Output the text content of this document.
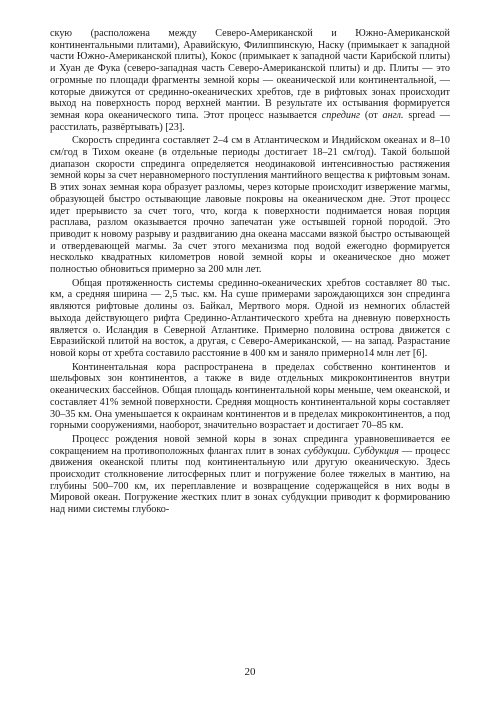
скую (расположена между Северо-Американской и Южно-Американской континентальными плитами), Аравийскую, Филиппинскую, Наску (примыкает к западной части Южно-Американской плиты), Кокос (примыкает к западной части Карибской плиты) и Хуан де Фука (северо-западная часть Северо-Американской плиты) и др. Плиты — это огромные по площади фрагменты земной коры — океанической или континентальной, — которые движутся от срединно-океанических хребтов, где в рифтовых зонах происходит выход на поверхность пород верхней мантии. В результате их остывания формируется земная кора океанического типа. Этот процесс называется спрединг (от англ. spread — расстилать, развёртывать) [23].

Скорость спрединга составляет 2–4 см в Атлантическом и Индийском океанах и 8–10 см/год в Тихом океане (в отдельные периоды достигает 18–21 см/год). Такой большой диапазон скорости спрединга определяется неодинаковой интенсивностью растяжения земной коры за счет неравномерного поступления мантийного вещества к рифтовым зонам. В этих зонах земная кора образует разломы, через которые происходит извержение магмы, образующей быстро остывающие лавовые покровы на океаническом дне. Этот процесс идет прерывисто за счет того, что, когда к поверхности поднимается новая порция расплава, разлом оказывается прочно запечатан уже остывшей горной породой. Это приводит к новому разрыву и раздвиганию дна океана массами вязкой быстро остывающей и отвердевающей магмы. За счет этого механизма под водой ежегодно формируется несколько квадратных километров новой земной коры и океаническое дно может полностью обновиться примерно за 200 млн лет.

Общая протяженность системы срединно-океанических хребтов составляет 80 тыс. км, а средняя ширина — 2,5 тыс. км. На суше примерами зарождающихся зон спрединга являются рифтовые долины оз. Байкал, Мертвого моря. Одной из немногих областей выхода действующего рифта Срединно-Атлантического хребта на дневную поверхность является о. Исландия в Северной Атлантике. Примерно половина острова движется с Евразийской плитой на восток, а другая, с Северо-Американской, — на запад. Разрастание новой коры от хребта составило расстояние в 400 км и заняло примерно14 млн лет [6].

Континентальная кора распространена в пределах собственно континентов и шельфовых зон континентов, а также в виде отдельных микроконтинентов внутри океанических бассейнов. Общая площадь континентальной коры меньше, чем океанской, и составляет 41% земной поверхности. Средняя мощность континентальной коры составляет 30–35 км. Она уменьшается к окраинам континентов и в пределах микроконтинентов, а под горными сооружениями, наоборот, значительно возрастает и достигает 70–85 км.

Процесс рождения новой земной коры в зонах спрединга уравновешивается ее сокращением на противоположных флангах плит в зонах субдукции. Субдукция — процесс движения океанской плиты под континентальную или другую океаническую. Здесь происходит столкновение литосферных плит и погружение более тяжелых в мантию, на глубины 500–700 км, их переплавление и возвращение содержащейся в них воды в Мировой океан. Погружение жестких плит в зонах субдукции приводит к формированию над ними системы глубоко-

20
